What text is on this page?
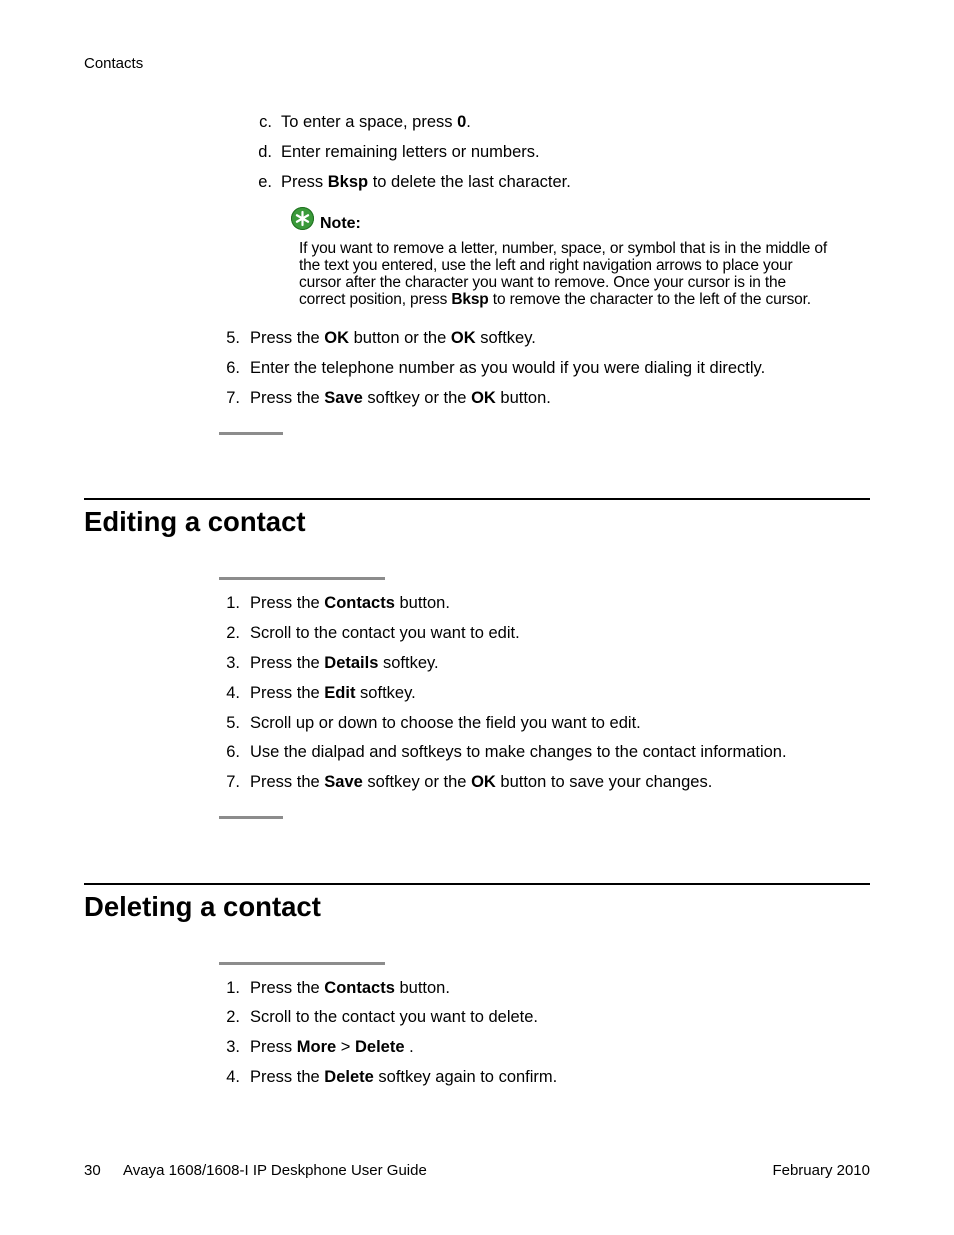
Contacts
c. To enter a space, press 0.
d. Enter remaining letters or numbers.
e. Press Bksp to delete the last character.
Note:
If you want to remove a letter, number, space, or symbol that is in the middle of
the text you entered, use the left and right navigation arrows to place your
cursor after the character you want to remove. Once your cursor is in the
correct position, press Bksp to remove the character to the left of the cursor.
5. Press the OK button or the OK softkey.
6. Enter the telephone number as you would if you were dialing it directly.
7. Press the Save softkey or the OK button.
Editing a contact
1. Press the Contacts button.
2. Scroll to the contact you want to edit.
3. Press the Details softkey.
4. Press the Edit softkey.
5. Scroll up or down to choose the field you want to edit.
6. Use the dialpad and softkeys to make changes to the contact information.
7. Press the Save softkey or the OK button to save your changes.
Deleting a contact
1. Press the Contacts button.
2. Scroll to the contact you want to delete.
3. Press More > Delete .
4. Press the Delete softkey again to confirm.
30 Avaya 1608/1608-I IP Deskphone User Guide	February 2010
